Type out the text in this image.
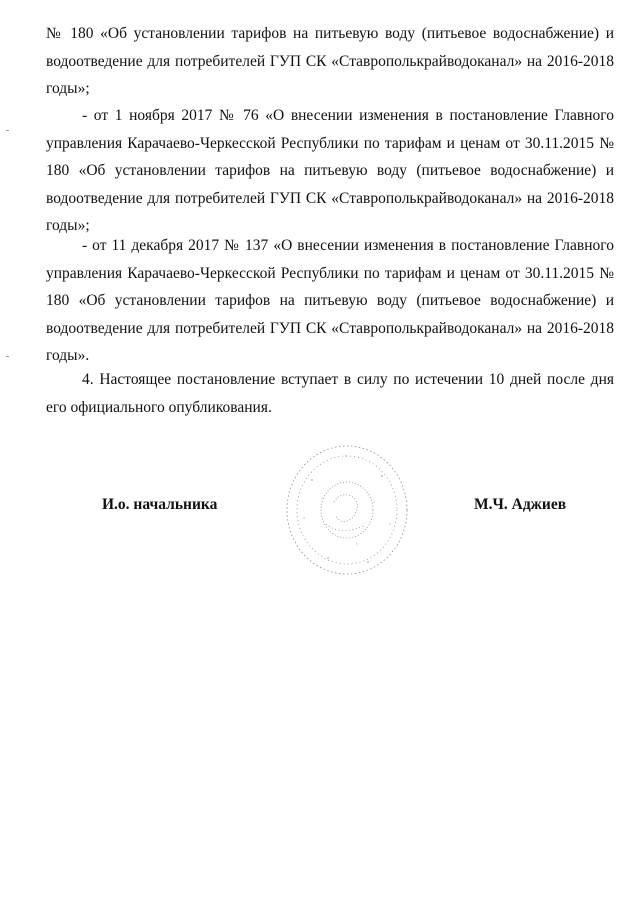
№ 180 «Об установлении тарифов на питьевую воду (питьевое водоснабжение) и водоотведение для потребителей ГУП СК «Ставрополькрайводоканал» на 2016-2018 годы»;

- от 1 ноября 2017 № 76 «О внесении изменения в постановление Главного управления Карачаево-Черкесской Республики по тарифам и ценам от 30.11.2015 № 180 «Об установлении тарифов на питьевую воду (питьевое водоснабжение) и водоотведение для потребителей ГУП СК «Ставрополькрайводоканал» на 2016-2018 годы»;

- от 11 декабря 2017 № 137 «О внесении изменения в постановление Главного управления Карачаево-Черкесской Республики по тарифам и ценам от 30.11.2015 № 180 «Об установлении тарифов на питьевую воду (питьевое водоснабжение) и водоотведение для потребителей ГУП СК «Ставрополькрайводоканал» на 2016-2018 годы».

4. Настоящее постановление вступает в силу по истечении 10 дней после дня его официального опубликования.

И.о. начальника	М.Ч. Аджиев
